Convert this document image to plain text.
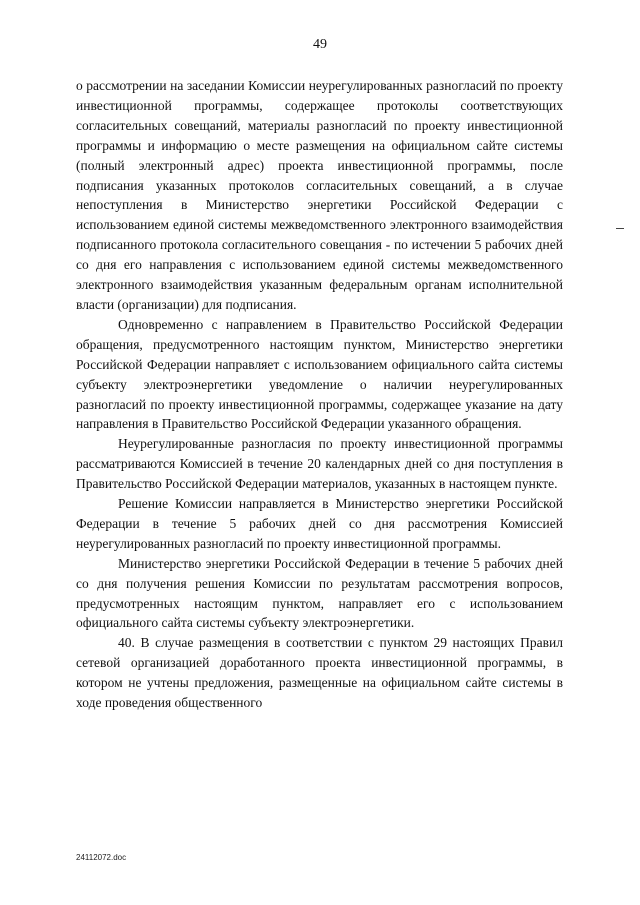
49

о рассмотрении на заседании Комиссии неурегулированных разногласий по проекту инвестиционной программы, содержащее протоколы соответствующих согласительных совещаний, материалы разногласий по проекту инвестиционной программы и информацию о месте размещения на официальном сайте системы (полный электронный адрес) проекта инвестиционной программы, после подписания указанных протоколов согласительных совещаний, а в случае непоступления в Министерство энергетики Российской Федерации с использованием единой системы межведомственного электронного взаимодействия подписанного протокола согласительного совещания - по истечении 5 рабочих дней со дня его направления с использованием единой системы межведомственного электронного взаимодействия указанным федеральным органам исполнительной власти (организации) для подписания.

Одновременно с направлением в Правительство Российской Федерации обращения, предусмотренного настоящим пунктом, Министерство энергетики Российской Федерации направляет с использованием официального сайта системы субъекту электроэнергетики уведомление о наличии неурегулированных разногласий по проекту инвестиционной программы, содержащее указание на дату направления в Правительство Российской Федерации указанного обращения.

Неурегулированные разногласия по проекту инвестиционной программы рассматриваются Комиссией в течение 20 календарных дней со дня поступления в Правительство Российской Федерации материалов, указанных в настоящем пункте.

Решение Комиссии направляется в Министерство энергетики Российской Федерации в течение 5 рабочих дней со дня рассмотрения Комиссией неурегулированных разногласий по проекту инвестиционной программы.

Министерство энергетики Российской Федерации в течение 5 рабочих дней со дня получения решения Комиссии по результатам рассмотрения вопросов, предусмотренных настоящим пунктом, направляет его с использованием официального сайта системы субъекту электроэнергетики.

40. В случае размещения в соответствии с пунктом 29 настоящих Правил сетевой организацией доработанного проекта инвестиционной программы, в котором не учтены предложения, размещенные на официальном сайте системы в ходе проведения общественного

24112072.doc
